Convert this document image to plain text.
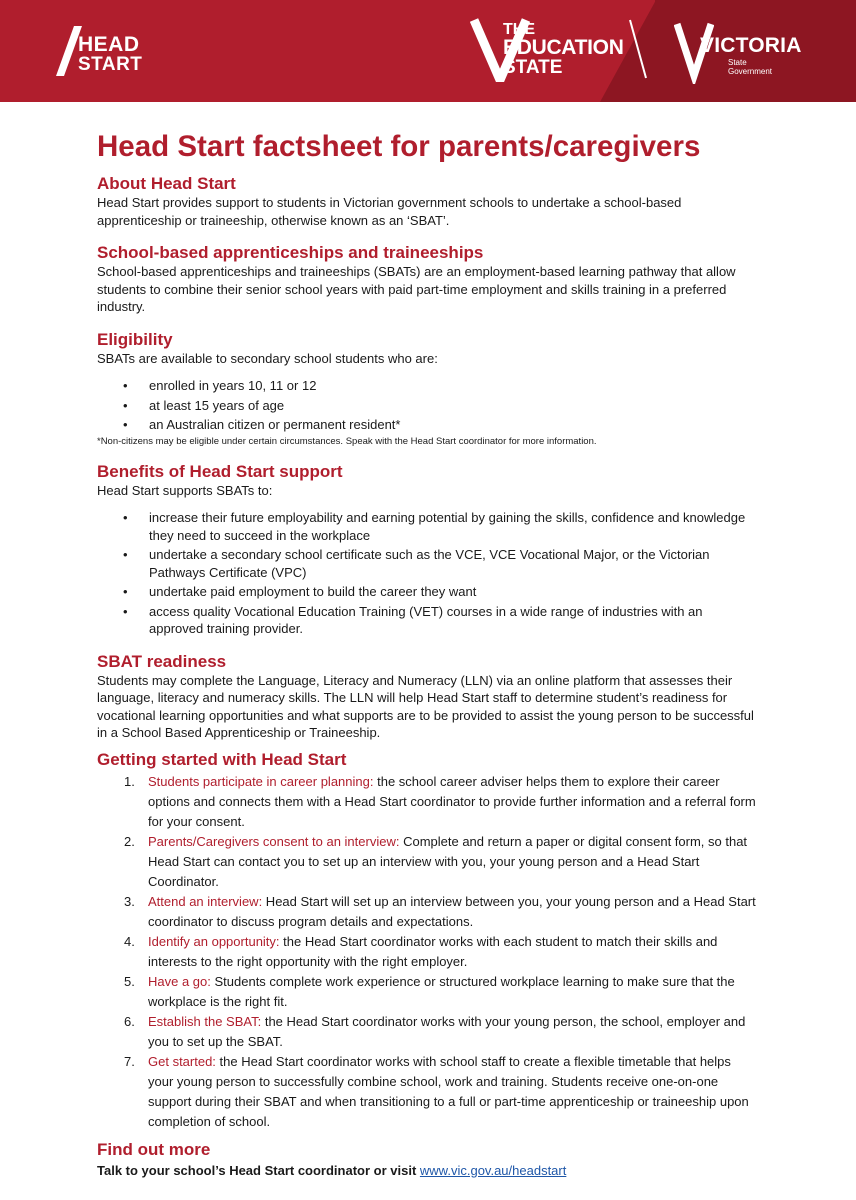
HEAD
START
THE
EDUCATION
STATE
VICTORIA
State
Government
Head Start factsheet for parents/caregivers
About Head Start

Head Start provides support to students in Victorian government schools to undertake a school-based apprenticeship or traineeship, otherwise known as an ‘SBAT’.

School-based apprenticeships and traineeships

School-based apprenticeships and traineeships (SBATs) are an employment-based learning pathway that allow students to combine their senior school years with paid part-time employment and skills training in a preferred industry.

Eligibility

SBATs are available to secondary school students who are:

• enrolled in years 10, 11 or 12
• at least 15 years of age
• an Australian citizen or permanent resident*

*Non-citizens may be eligible under certain circumstances. Speak with the Head Start coordinator for more information.

Benefits of Head Start support

Head Start supports SBATs to:

• increase their future employability and earning potential by gaining the skills, confidence and knowledge they need to succeed in the workplace
• undertake a secondary school certificate such as the VCE, VCE Vocational Major, or the Victorian Pathways Certificate (VPC)
• undertake paid employment to build the career they want
• access quality Vocational Education Training (VET) courses in a wide range of industries with an approved training provider.
SBAT readiness

Students may complete the Language, Literacy and Numeracy (LLN) via an online platform that assesses their language, literacy and numeracy skills. The LLN will help Head Start staff to determine student’s readiness for vocational learning opportunities and what supports are to be provided to assist the young person to be successful in a School Based Apprenticeship or Traineeship.

Getting started with Head Start
1. Students participate in career planning: the school career adviser helps them to explore their career options and connects them with a Head Start coordinator to provide further information and a referral form for your consent.
2. Parents/Caregivers consent to an interview: Complete and return a paper or digital consent form, so that Head Start can contact you to set up an interview with you, your young person and a Head Start Coordinator.
3. Attend an interview: Head Start will set up an interview between you, your young person and a Head Start coordinator to discuss program details and expectations.
4. Identify an opportunity: the Head Start coordinator works with each student to match their skills and interests to the right opportunity with the right employer.
5. Have a go: Students complete work experience or structured workplace learning to make sure that the workplace is the right fit.
6. Establish the SBAT: the Head Start coordinator works with your young person, the school, employer and you to set up the SBAT.
7. Get started: the Head Start coordinator works with school staff to create a flexible timetable that helps your young person to successfully combine school, work and training. Students receive one-on-one support during their SBAT and when transitioning to a full or part-time apprenticeship or traineeship upon completion of school.
Find out more

Talk to your school’s Head Start coordinator or visit www.vic.gov.au/headstart
